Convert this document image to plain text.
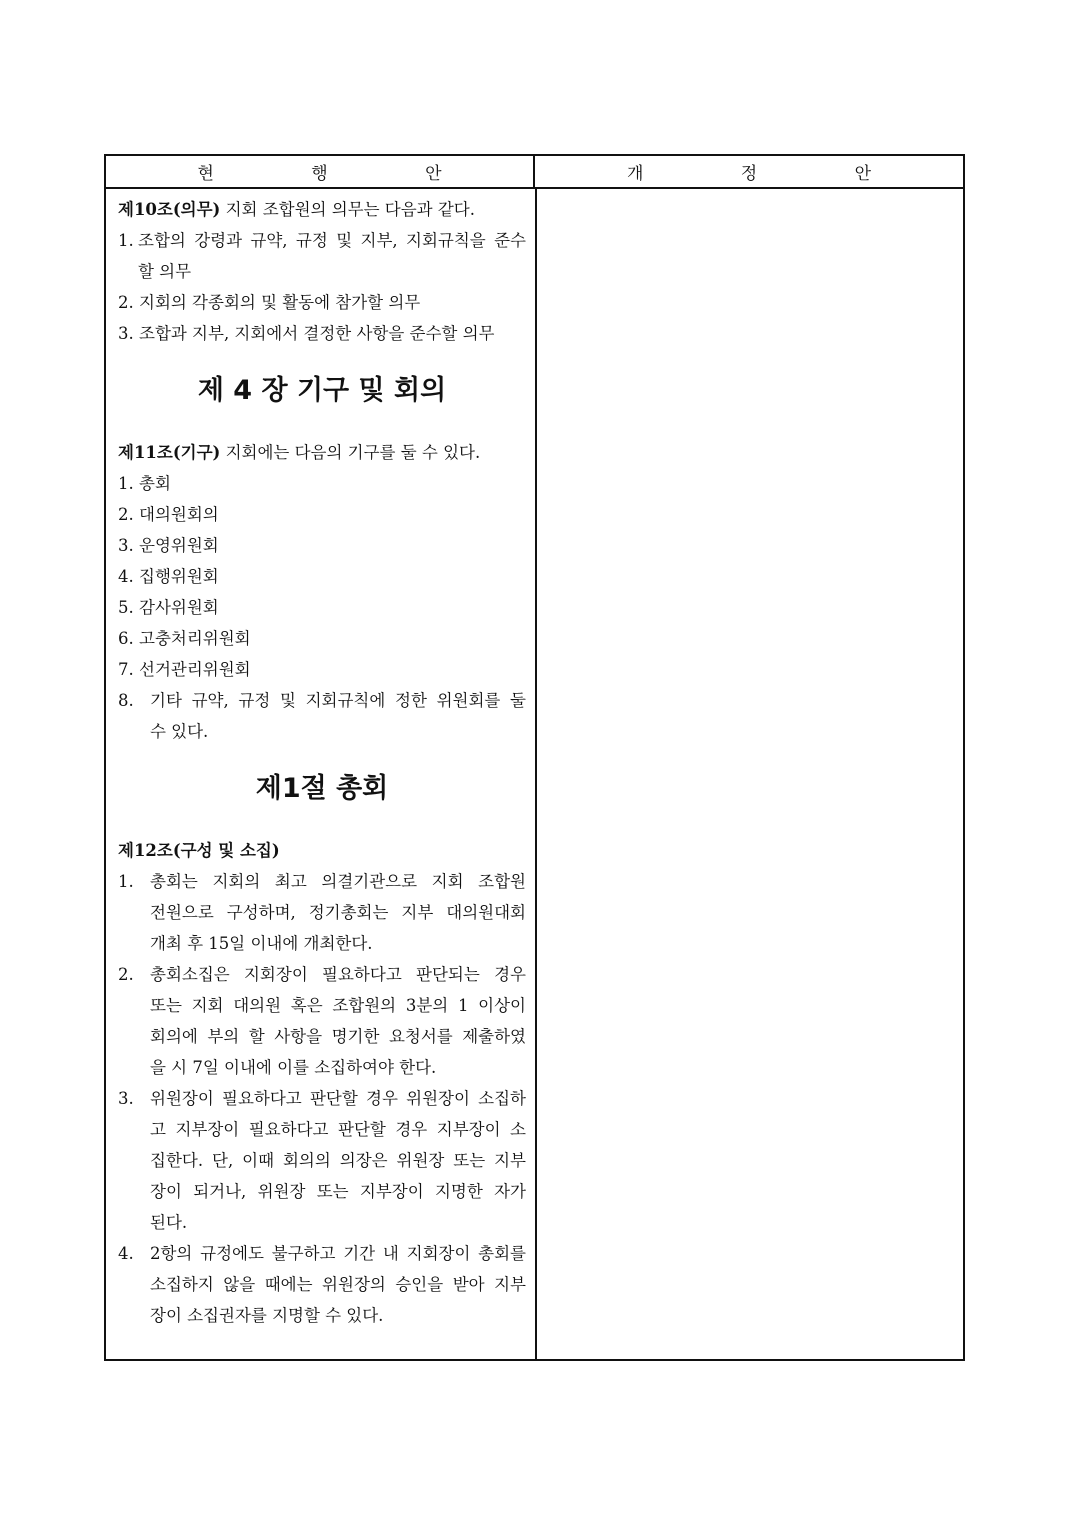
현 행 안	개 정 안
제10조(의무) 지회 조합원의 의무는 다음과 같다.
1. 조합의 강령과 규약, 규정 및 지부, 지회규칙을 준수
할 의무
2. 지회의 각종회의 및 활동에 참가할 의무
3. 조합과 지부, 지회에서 결정한 사항을 준수할 의무
제 4 장 기구 및 회의
제11조(기구) 지회에는 다음의 기구를 둘 수 있다.
1. 총회
2. 대의원회의
3. 운영위원회
4. 집행위원회
5. 감사위원회
6. 고충처리위원회
7. 선거관리위원회
8. 기타 규약, 규정 및 지회규칙에 정한 위원회를 둘
수 있다.
제1절 총회
제12조(구성 및 소집)
1. 총회는 지회의 최고 의결기관으로 지회 조합원
전원으로 구성하며, 정기총회는 지부 대의원대회
개최 후 15일 이내에 개최한다.
2. 총회소집은 지회장이 필요하다고 판단되는 경우
또는 지회 대의원 혹은 조합원의 3분의 1 이상이
회의에 부의 할 사항을 명기한 요청서를 제출하였
을 시 7일 이내에 이를 소집하여야 한다.
3. 위원장이 필요하다고 판단할 경우 위원장이 소집하
고 지부장이 필요하다고 판단할 경우 지부장이 소
집한다. 단, 이때 회의의 의장은 위원장 또는 지부
장이 되거나, 위원장 또는 지부장이 지명한 자가
된다.
4. 2항의 규정에도 불구하고 기간 내 지회장이 총회를
소집하지 않을 때에는 위원장의 승인을 받아 지부
장이 소집권자를 지명할 수 있다.
